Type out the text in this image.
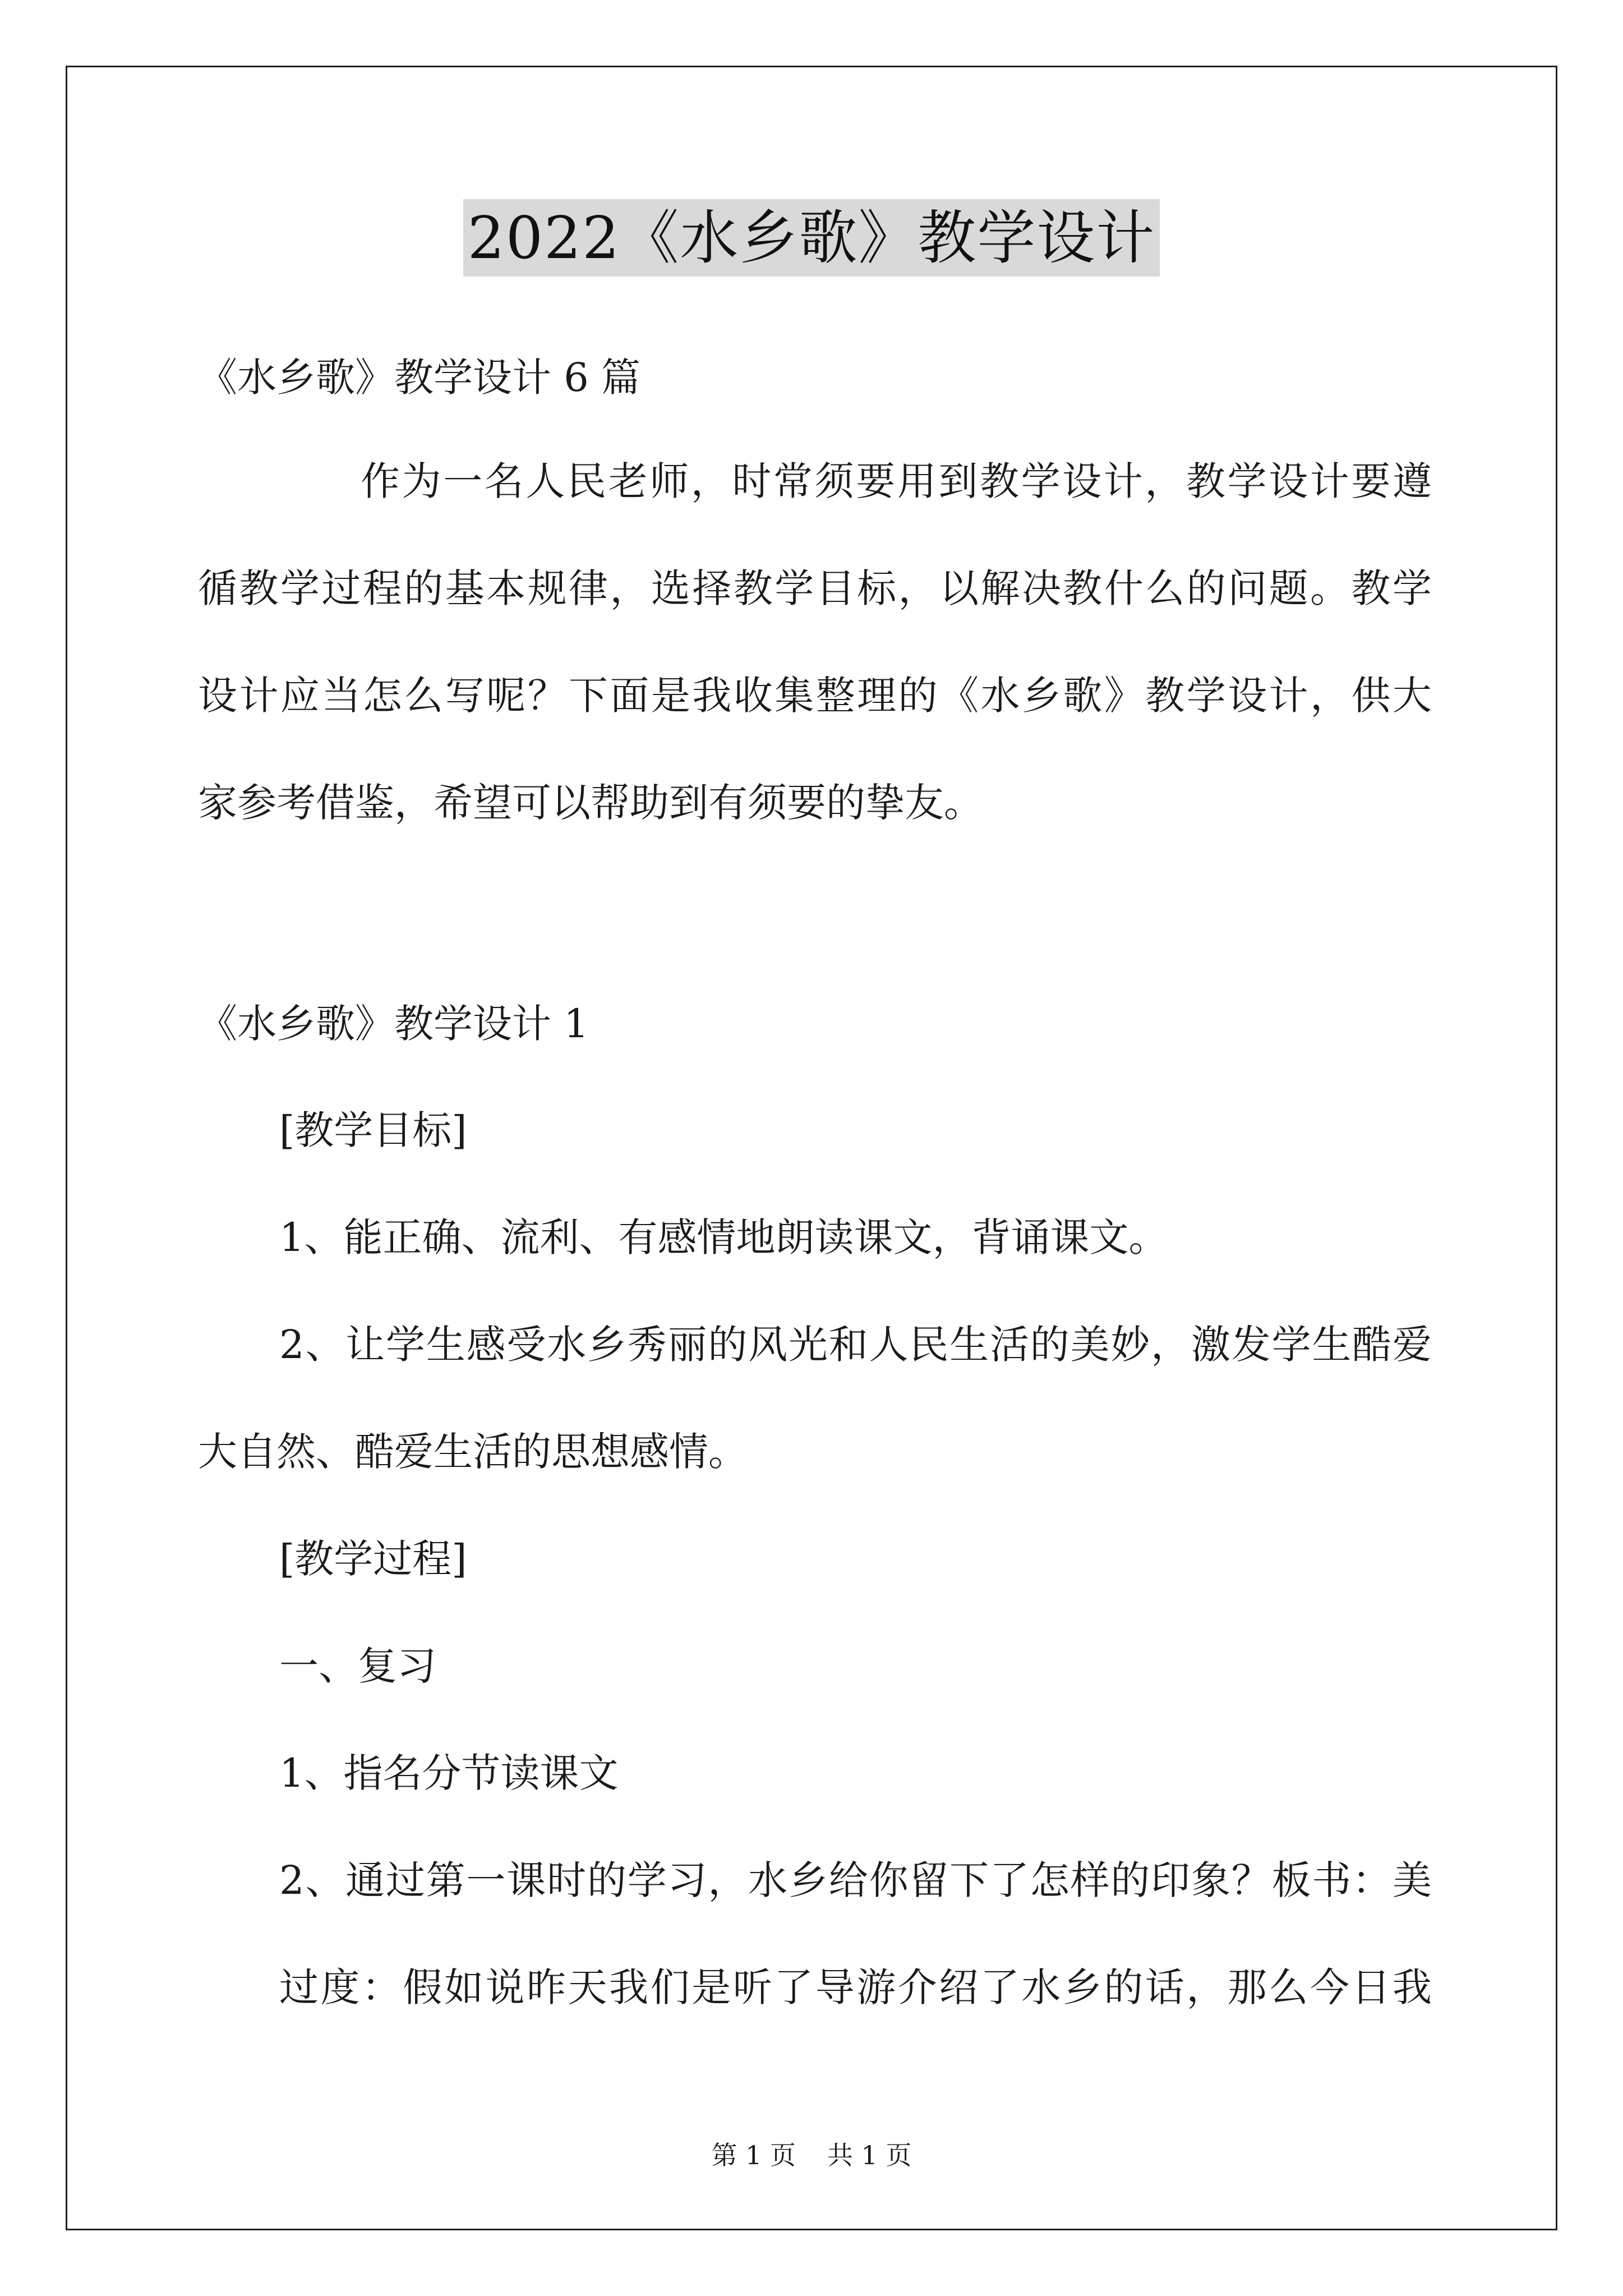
2022《水乡歌》教学设计
《水乡歌》教学设计 6 篇
作为一名人民老师，时常须要用到教学设计，教学设计要遵
循教学过程的基本规律，选择教学目标，以解决教什么的问题。教学
设计应当怎么写呢？下面是我收集整理的《水乡歌》教学设计，供大
家参考借鉴，希望可以帮助到有须要的挚友。
《水乡歌》教学设计 1
[教学目标]
1、能正确、流利、有感情地朗读课文，背诵课文。
2、让学生感受水乡秀丽的风光和人民生活的美妙，激发学生酷爱
大自然、酷爱生活的思想感情。
[教学过程]
一、复习
1、指名分节读课文
2、通过第一课时的学习，水乡给你留下了怎样的印象？板书：美
过度：假如说昨天我们是听了导游介绍了水乡的话，那么今日我
第 1 页 共 1 页
